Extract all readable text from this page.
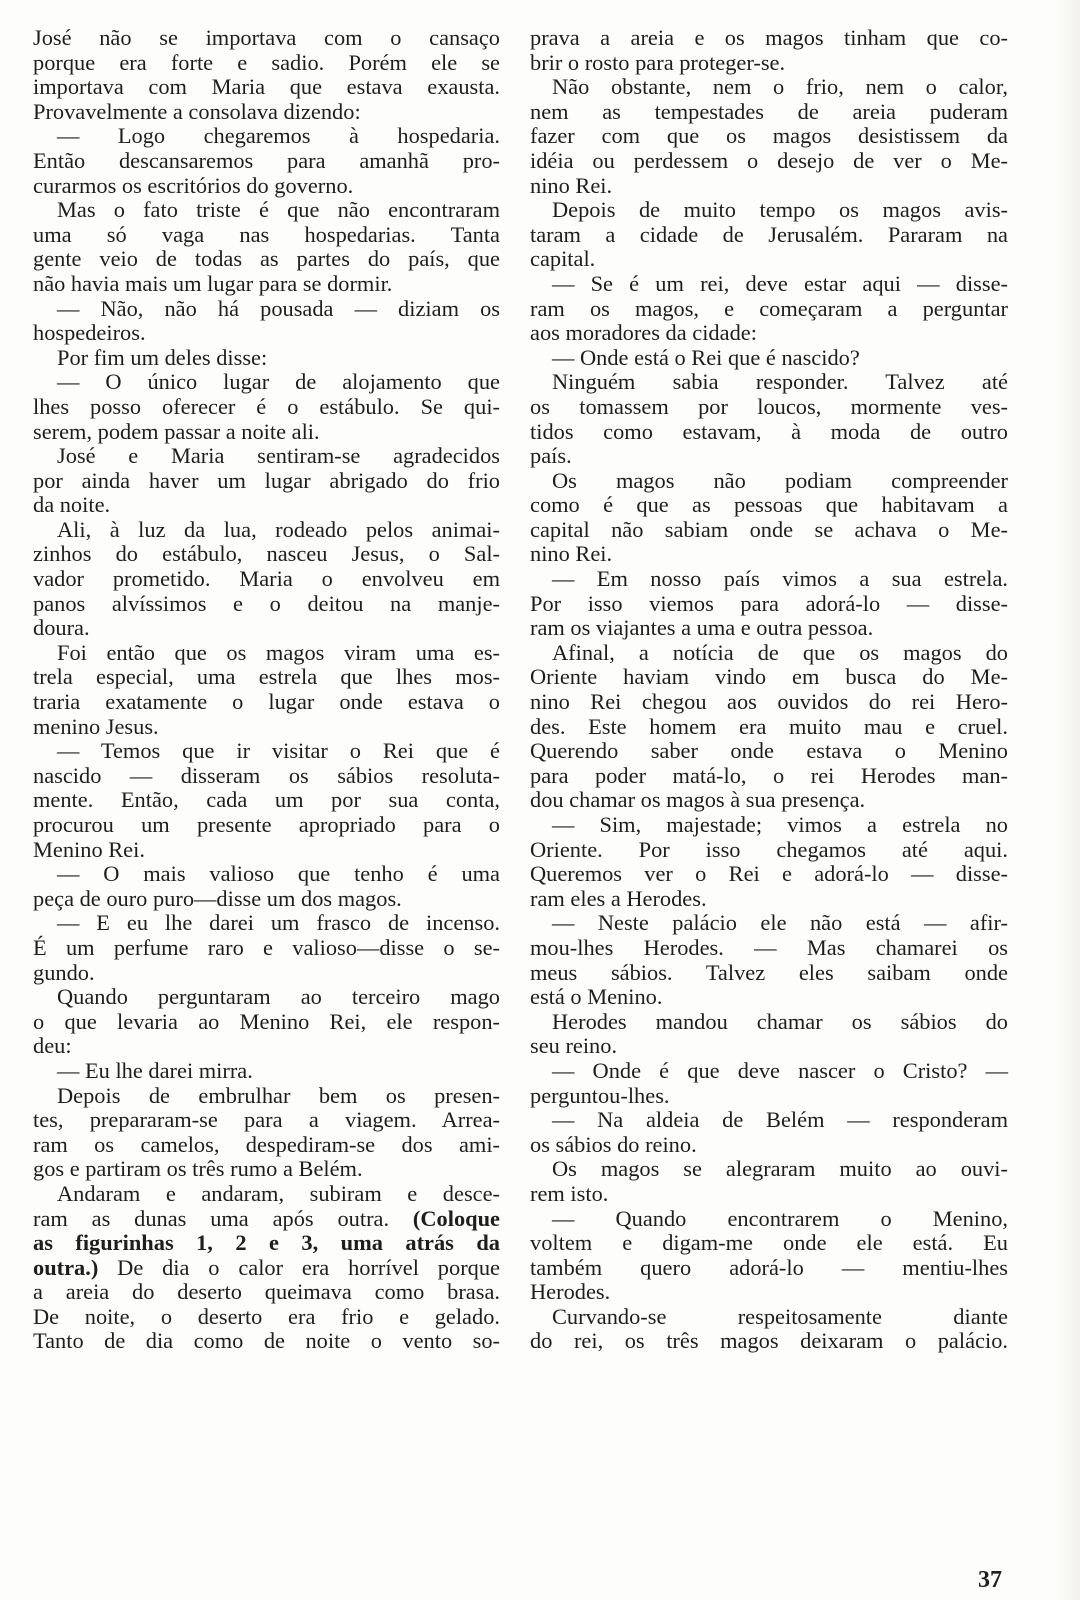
José não se importava com o cansaço
porque era forte e sadio. Porém ele se
importava com Maria que estava exausta.
Provavelmente a consolava dizendo:
— Logo chegaremos à hospedaria.
Então descansaremos para amanhã pro-
curarmos os escritórios do governo.
Mas o fato triste é que não encontraram
uma só vaga nas hospedarias. Tanta
gente veio de todas as partes do país, que
não havia mais um lugar para se dormir.
— Não, não há pousada — diziam os
hospedeiros.
Por fim um deles disse:
— O único lugar de alojamento que
lhes posso oferecer é o estábulo. Se qui-
serem, podem passar a noite ali.
José e Maria sentiram-se agradecidos
por ainda haver um lugar abrigado do frio
da noite.
Ali, à luz da lua, rodeado pelos animai-
zinhos do estábulo, nasceu Jesus, o Sal-
vador prometido. Maria o envolveu em
panos alvíssimos e o deitou na manje-
doura.
Foi então que os magos viram uma es-
trela especial, uma estrela que lhes mos-
traria exatamente o lugar onde estava o
menino Jesus.
— Temos que ir visitar o Rei que é
nascido — disseram os sábios resoluta-
mente. Então, cada um por sua conta,
procurou um presente apropriado para o
Menino Rei.
— O mais valioso que tenho é uma
peça de ouro puro—disse um dos magos.
— E eu lhe darei um frasco de incenso.
É um perfume raro e valioso—disse o se-
gundo.
Quando perguntaram ao terceiro mago
o que levaria ao Menino Rei, ele respon-
deu:
— Eu lhe darei mirra.
Depois de embrulhar bem os presen-
tes, prepararam-se para a viagem. Arrea-
ram os camelos, despediram-se dos ami-
gos e partiram os três rumo a Belém.
Andaram e andaram, subiram e desce-
ram as dunas uma após outra. (Coloque
as figurinhas 1, 2 e 3, uma atrás da
outra.) De dia o calor era horrível porque
a areia do deserto queimava como brasa.
De noite, o deserto era frio e gelado.
Tanto de dia como de noite o vento so-
prava a areia e os magos tinham que co-
brir o rosto para proteger-se.
Não obstante, nem o frio, nem o calor,
nem as tempestades de areia puderam
fazer com que os magos desistissem da
idéia ou perdessem o desejo de ver o Me-
nino Rei.
Depois de muito tempo os magos avis-
taram a cidade de Jerusalém. Pararam na
capital.
— Se é um rei, deve estar aqui — disse-
ram os magos, e começaram a perguntar
aos moradores da cidade:
— Onde está o Rei que é nascido?
Ninguém sabia responder. Talvez até
os tomassem por loucos, mormente ves-
tidos como estavam, à moda de outro
país.
Os magos não podiam compreender
como é que as pessoas que habitavam a
capital não sabiam onde se achava o Me-
nino Rei.
— Em nosso país vimos a sua estrela.
Por isso viemos para adorá-lo — disse-
ram os viajantes a uma e outra pessoa.
Afinal, a notícia de que os magos do
Oriente haviam vindo em busca do Me-
nino Rei chegou aos ouvidos do rei Hero-
des. Este homem era muito mau e cruel.
Querendo saber onde estava o Menino
para poder matá-lo, o rei Herodes man-
dou chamar os magos à sua presença.
— Sim, majestade; vimos a estrela no
Oriente. Por isso chegamos até aqui.
Queremos ver o Rei e adorá-lo — disse-
ram eles a Herodes.
— Neste palácio ele não está — afir-
mou-lhes Herodes. — Mas chamarei os
meus sábios. Talvez eles saibam onde
está o Menino.
Herodes mandou chamar os sábios do
seu reino.
— Onde é que deve nascer o Cristo? —
perguntou-lhes.
— Na aldeia de Belém — responderam
os sábios do reino.
Os magos se alegraram muito ao ouvi-
rem isto.
— Quando encontrarem o Menino,
voltem e digam-me onde ele está. Eu
também quero adorá-lo — mentiu-lhes
Herodes.
Curvando-se respeitosamente diante
do rei, os três magos deixaram o palácio.
37
